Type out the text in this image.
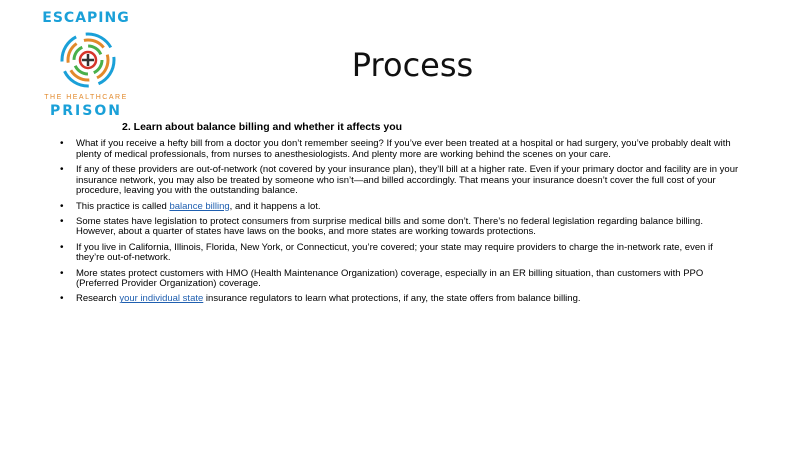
ESCAPING
THE HEALTHCARE
PRISON
Process
2. Learn about balance billing and whether it affects you
• What if you receive a hefty bill from a doctor you don’t remember seeing? If you’ve ever been treated at a hospital or had surgery, you’ve probably dealt with plenty of medical professionals, from nurses to anesthesiologists. And plenty more are working behind the scenes on your care.
• If any of these providers are out-of-network (not covered by your insurance plan), they’ll bill at a higher rate. Even if your primary doctor and facility are in your insurance network, you may also be treated by someone who isn’t—and billed accordingly. That means your insurance doesn’t cover the full cost of your procedure, leaving you with the outstanding balance.
• This practice is called balance billing, and it happens a lot.
• Some states have legislation to protect consumers from surprise medical bills and some don’t. There’s no federal legislation regarding balance billing. However, about a quarter of states have laws on the books, and more states are working towards protections.
• If you live in California, Illinois, Florida, New York, or Connecticut, you’re covered; your state may require providers to charge the in-network rate, even if they’re out-of-network.
• More states protect customers with HMO (Health Maintenance Organization) coverage, especially in an ER billing situation, than customers with PPO (Preferred Provider Organization) coverage.
• Research your individual state insurance regulators to learn what protections, if any, the state offers from balance billing.
